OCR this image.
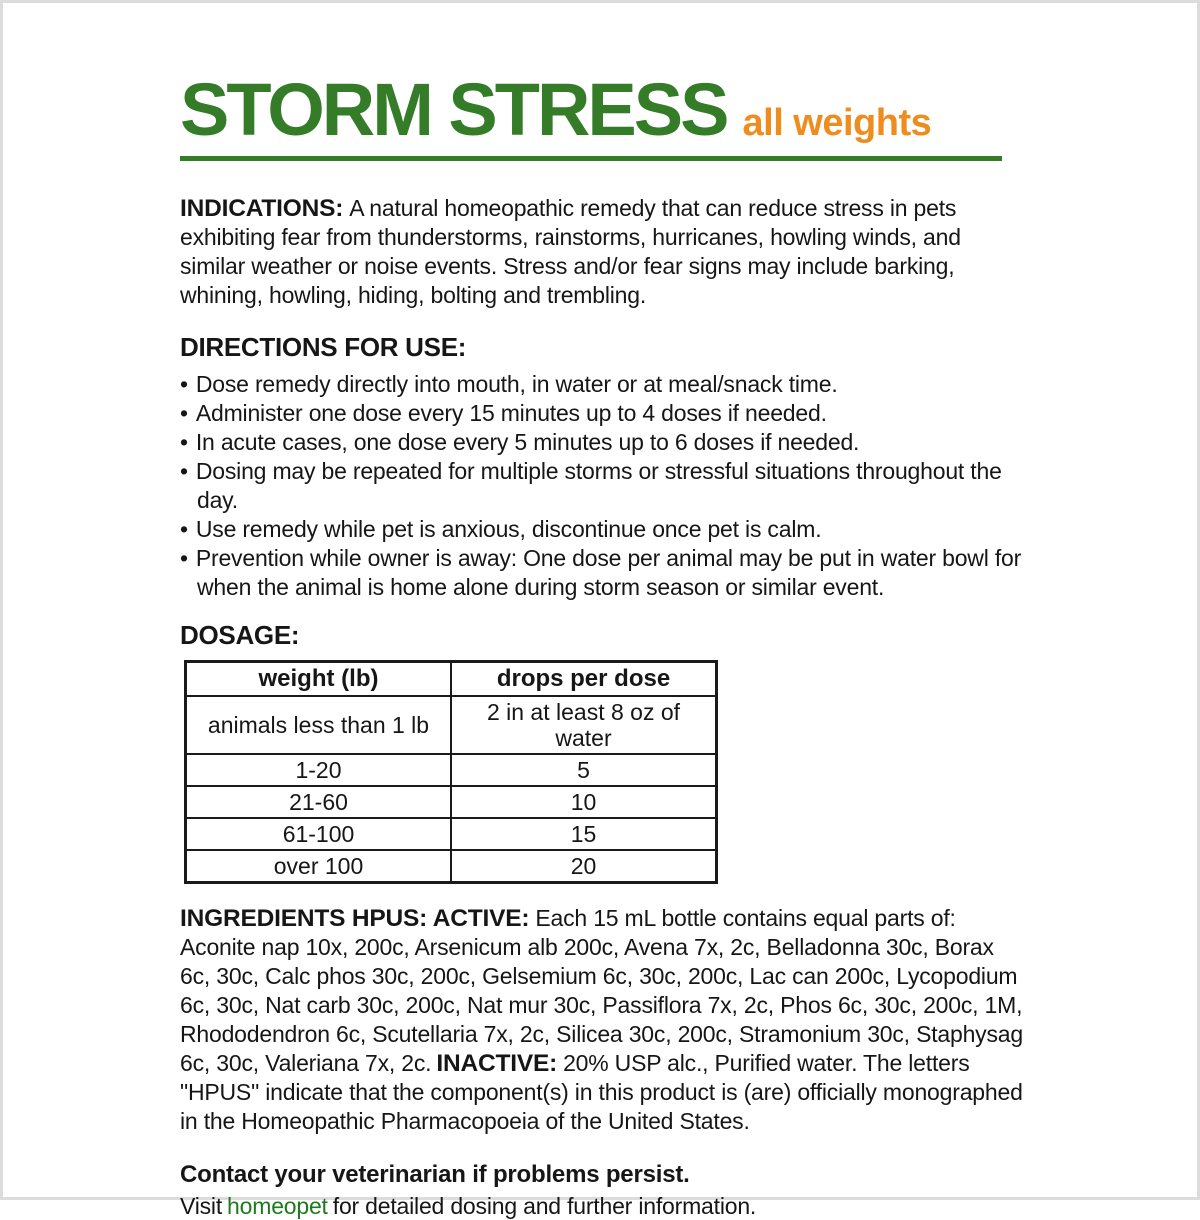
STORM STRESS all weights

INDICATIONS: A natural homeopathic remedy that can reduce stress in pets exhibiting fear from thunderstorms, rainstorms, hurricanes, howling winds, and similar weather or noise events. Stress and/or fear signs may include barking, whining, howling, hiding, bolting and trembling.

DIRECTIONS FOR USE:
• Dose remedy directly into mouth, in water or at meal/snack time.
• Administer one dose every 15 minutes up to 4 doses if needed.
• In acute cases, one dose every 5 minutes up to 6 doses if needed.
• Dosing may be repeated for multiple storms or stressful situations throughout the day.
• Use remedy while pet is anxious, discontinue once pet is calm.
• Prevention while owner is away: One dose per animal may be put in water bowl for when the animal is home alone during storm season or similar event.
DOSAGE:
weight (lb)	drops per dose
animals less than 1 lb	2 in at least 8 oz of water
1-20	5
21-60	10
61-100	15
over 100	20

INGREDIENTS HPUS: ACTIVE: Each 15 mL bottle contains equal parts of: Aconite nap 10x, 200c, Arsenicum alb 200c, Avena 7x, 2c, Belladonna 30c, Borax 6c, 30c, Calc phos 30c, 200c, Gelsemium 6c, 30c, 200c, Lac can 200c, Lycopodium 6c, 30c, Nat carb 30c, 200c, Nat mur 30c, Passiflora 7x, 2c, Phos 6c, 30c, 200c, 1M, Rhododendron 6c, Scutellaria 7x, 2c, Silicea 30c, 200c, Stramonium 30c, Staphysag 6c, 30c, Valeriana 7x, 2c. INACTIVE: 20% USP alc., Purified water. The letters "HPUS" indicate that the component(s) in this product is (are) officially monographed in the Homeopathic Pharmacopoeia of the United States.

Contact your veterinarian if problems persist.

Visit homeopet for detailed dosing and further information.
